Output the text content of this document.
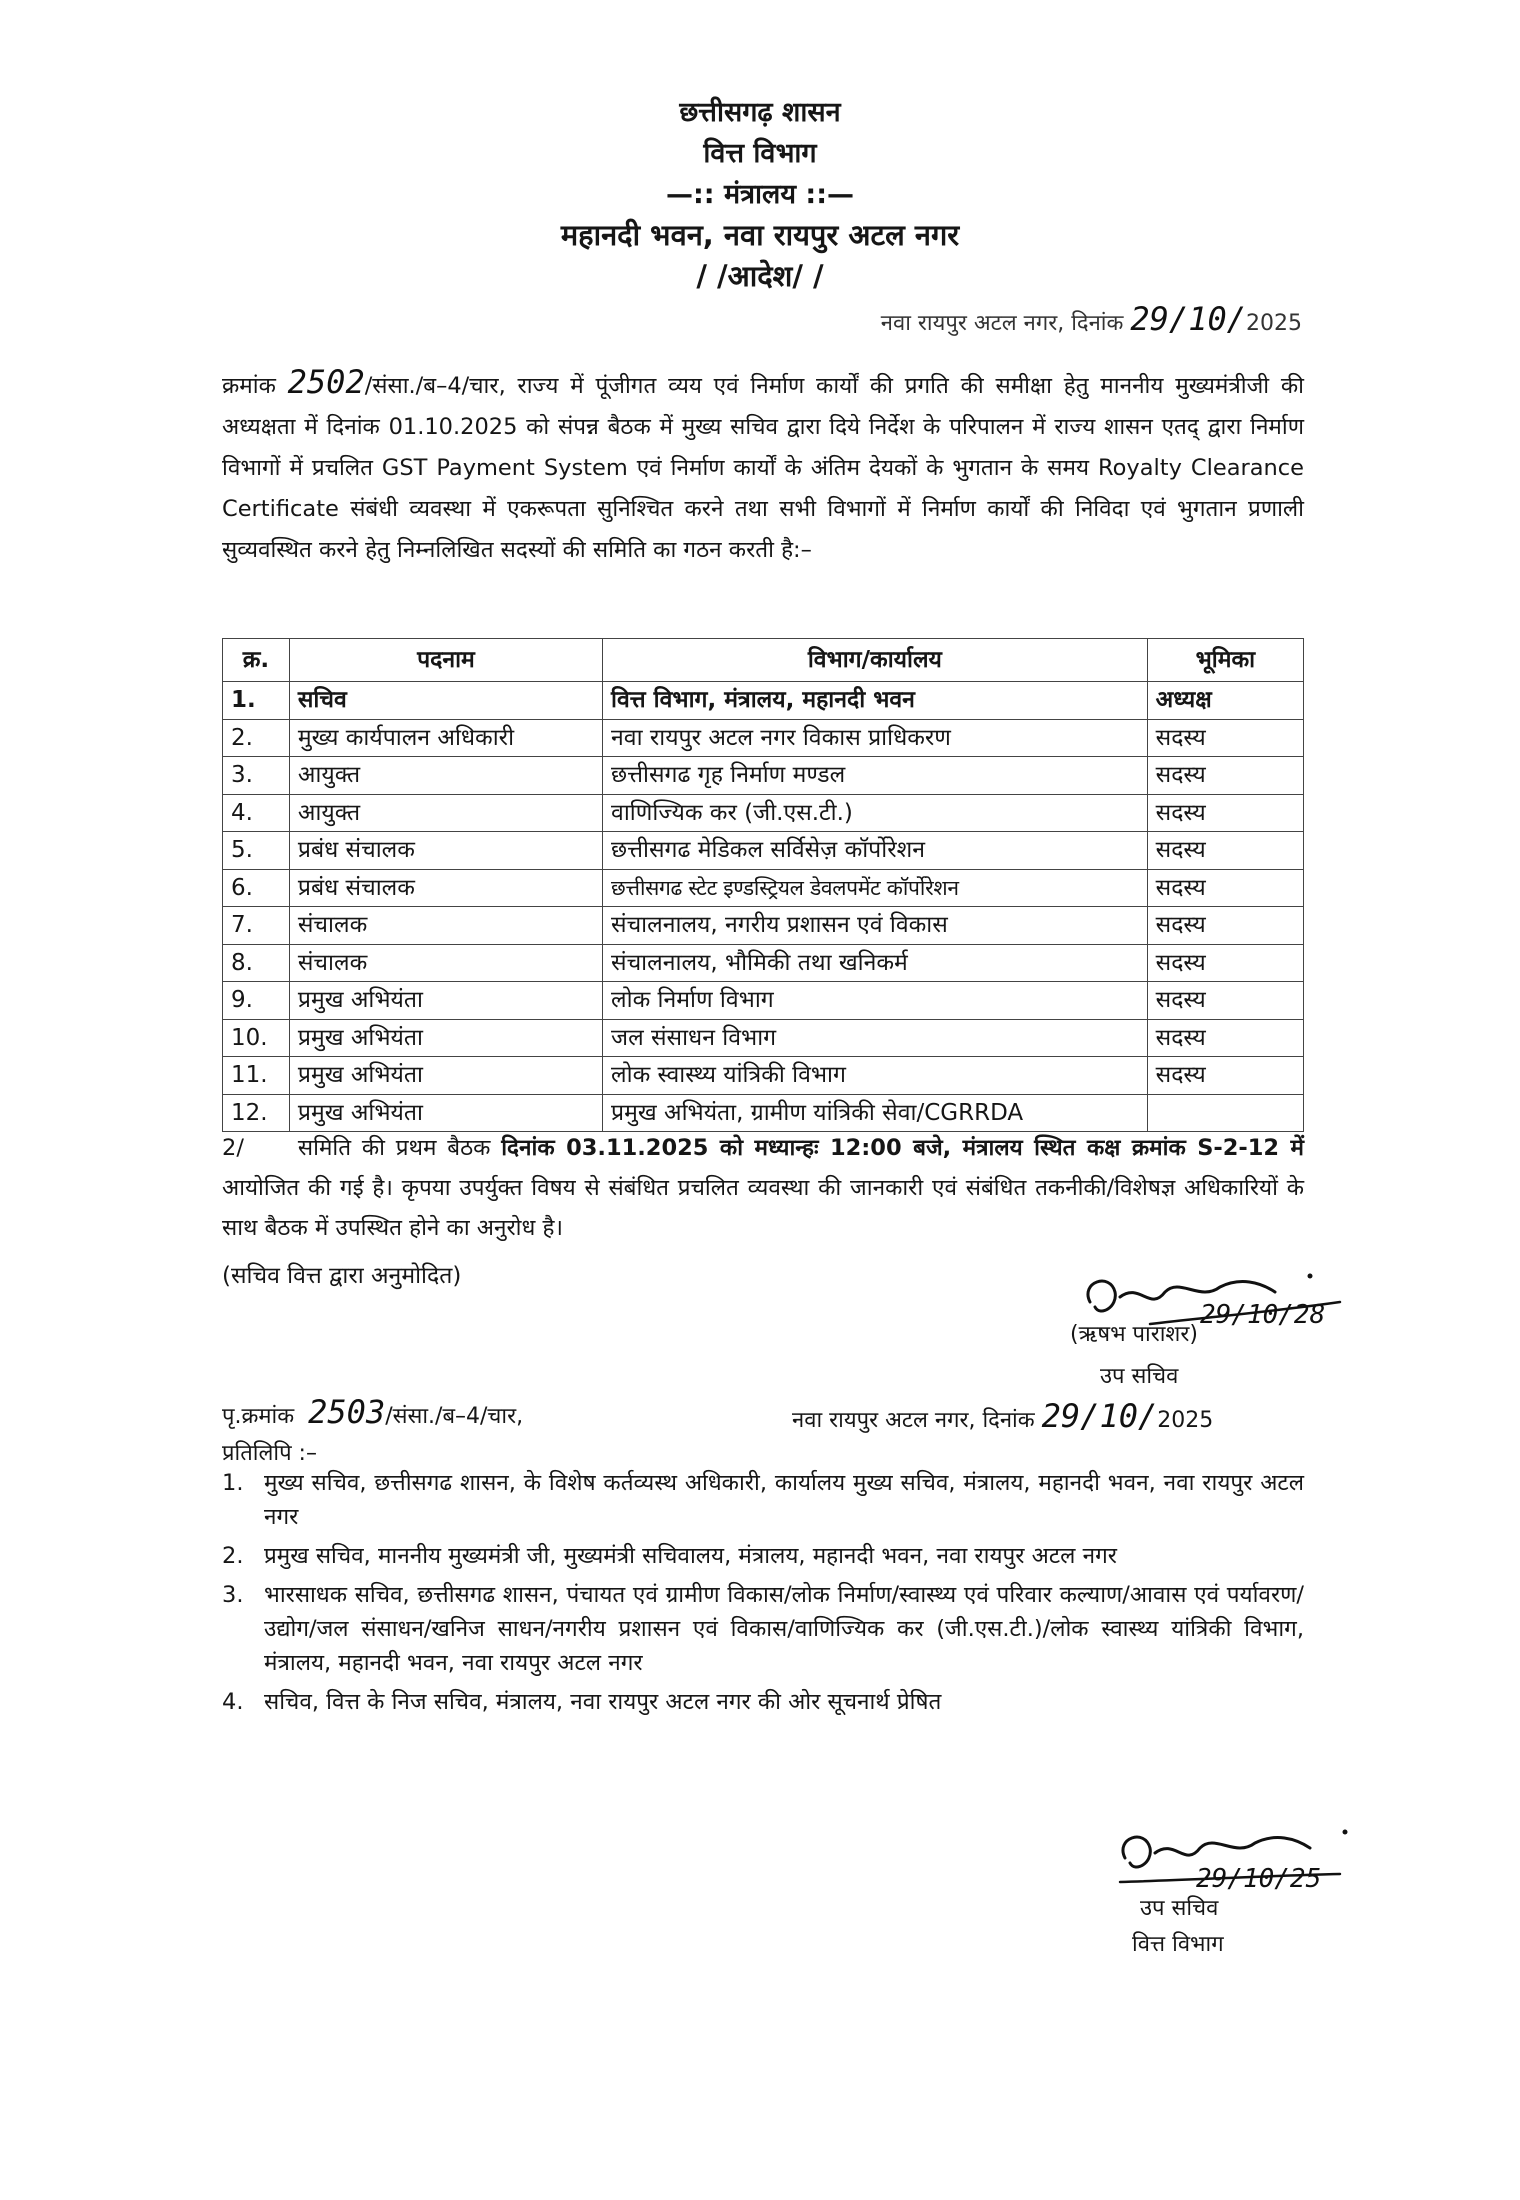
छत्तीसगढ़ शासन
वित्त विभाग
—:: मंत्रालय ::—
महानदी भवन, नवा रायपुर अटल नगर
/ /आदेश/ /
नवा रायपुर अटल नगर, दिनांक 29/10/2025
क्रमांक 2502/संसा./ब–4/चार, राज्य में पूंजीगत व्यय एवं निर्माण कार्यों की प्रगति की समीक्षा हेतु माननीय मुख्यमंत्रीजी की अध्यक्षता में दिनांक 01.10.2025 को संपन्न बैठक में मुख्य सचिव द्वारा दिये निर्देश के परिपालन में राज्य शासन एतद् द्वारा निर्माण विभागों में प्रचलित GST Payment System एवं निर्माण कार्यों के अंतिम देयकों के भुगतान के समय Royalty Clearance Certificate संबंधी व्यवस्था में एकरूपता सुनिश्चित करने तथा सभी विभागों में निर्माण कार्यों की निविदा एवं भुगतान प्रणाली सुव्यवस्थित करने हेतु निम्नलिखित सदस्यों की समिति का गठन करती है:–
क्र.	पदनाम	विभाग/कार्यालय	भूमिका
1.	सचिव	वित्त विभाग, मंत्रालय, महानदी भवन	अध्यक्ष
2.	मुख्य कार्यपालन अधिकारी	नवा रायपुर अटल नगर विकास प्राधिकरण	सदस्य
3.	आयुक्त	छत्तीसगढ गृह निर्माण मण्डल	सदस्य
4.	आयुक्त	वाणिज्यिक कर (जी.एस.टी.)	सदस्य
5.	प्रबंध संचालक	छत्तीसगढ मेडिकल सर्विसेज़ कॉर्पोरेशन	सदस्य
6.	प्रबंध संचालक	छत्तीसगढ स्टेट इण्डस्ट्रियल डेवलपमेंट कॉर्पोरेशन	सदस्य
7.	संचालक	संचालनालय, नगरीय प्रशासन एवं विकास	सदस्य
8.	संचालक	संचालनालय, भौमिकी तथा खनिकर्म	सदस्य
9.	प्रमुख अभियंता	लोक निर्माण विभाग	सदस्य
10.	प्रमुख अभियंता	जल संसाधन विभाग	सदस्य
11.	प्रमुख अभियंता	लोक स्वास्थ्य यांत्रिकी विभाग	सदस्य
12.	प्रमुख अभियंता	प्रमुख अभियंता, ग्रामीण यांत्रिकी सेवा/CGRRDA	
2/ समिति की प्रथम बैठक दिनांक 03.11.2025 को मध्यान्हः 12:00 बजे, मंत्रालय स्थित कक्ष क्रमांक S-2-12 में आयोजित की गई है। कृपया उपर्युक्त विषय से संबंधित प्रचलित व्यवस्था की जानकारी एवं संबंधित तकनीकी/विशेषज्ञ अधिकारियों के साथ बैठक में उपस्थित होने का अनुरोध है।
(सचिव वित्त द्वारा अनुमोदित)
29/10/28
(ऋषभ पाराशर)
उप सचिव
पृ.क्रमांक 2503/संसा./ब–4/चार,	नवा रायपुर अटल नगर, दिनांक 29/10/2025
प्रतिलिपि :–
1. मुख्य सचिव, छत्तीसगढ शासन, के विशेष कर्तव्यस्थ अधिकारी, कार्यालय मुख्य सचिव, मंत्रालय, महानदी भवन, नवा रायपुर अटल नगर
2. प्रमुख सचिव, माननीय मुख्यमंत्री जी, मुख्यमंत्री सचिवालय, मंत्रालय, महानदी भवन, नवा रायपुर अटल नगर
3. भारसाधक सचिव, छत्तीसगढ शासन, पंचायत एवं ग्रामीण विकास/लोक निर्माण/स्वास्थ्य एवं परिवार कल्याण/आवास एवं पर्यावरण/उद्योग/जल संसाधन/खनिज साधन/नगरीय प्रशासन एवं विकास/वाणिज्यिक कर (जी.एस.टी.)/लोक स्वास्थ्य यांत्रिकी विभाग, मंत्रालय, महानदी भवन, नवा रायपुर अटल नगर
4. सचिव, वित्त के निज सचिव, मंत्रालय, नवा रायपुर अटल नगर की ओर सूचनार्थ प्रेषित
29/10/25
उप सचिव
वित्त विभाग
